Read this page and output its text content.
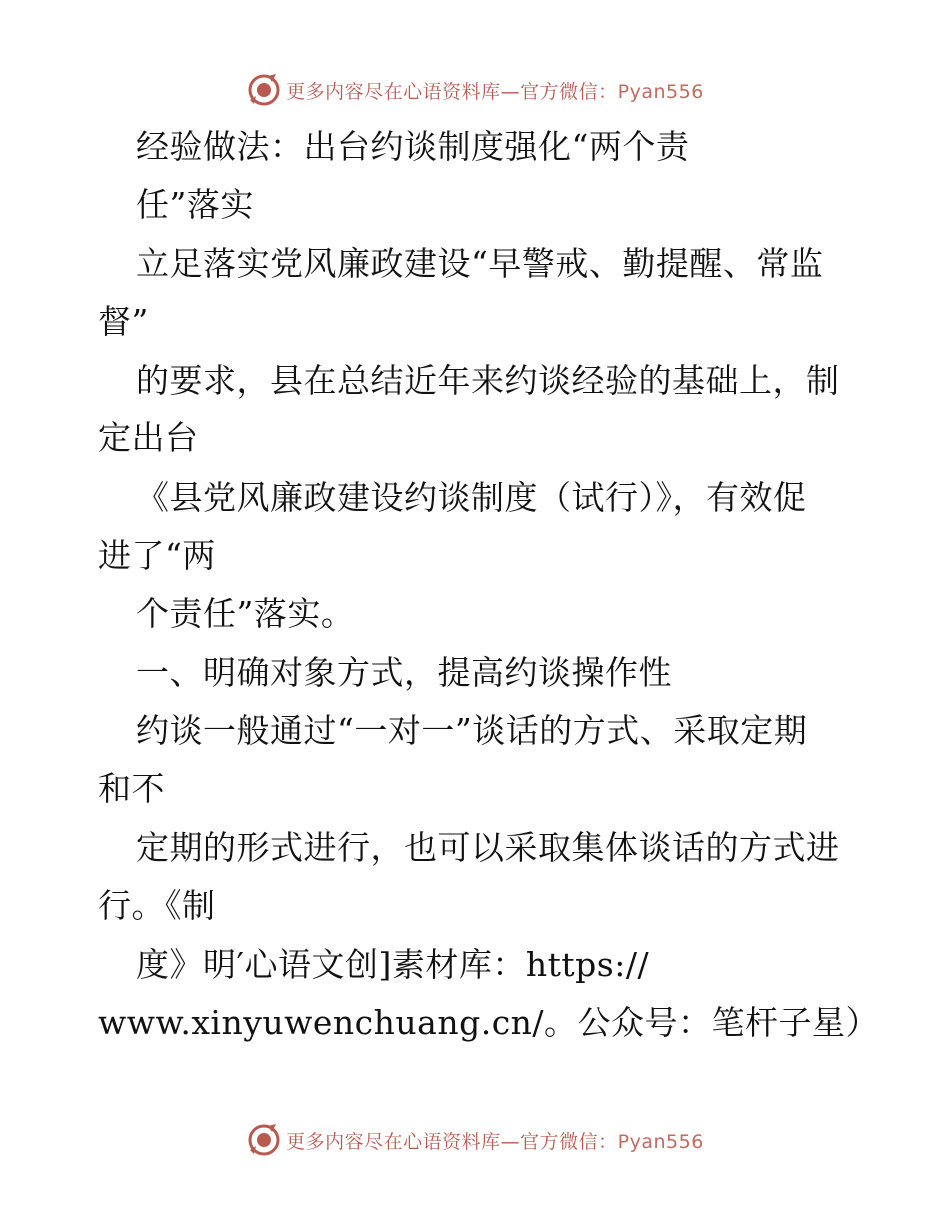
更多内容尽在心语资料库—官方微信：Pyan556
经验做法：出台约谈制度强化“两个责
任”落实
立足落实党风廉政建设“早警戒、勤提醒、常监
督”
的要求，县在总结近年来约谈经验的基础上，制
定出台
《县党风廉政建设约谈制度（试行）》，有效促
进了“两
个责任”落实。
一、明确对象方式，提高约谈操作性
约谈一般通过“一对一”谈话的方式、采取定期
和不
定期的形式进行，也可以采取集体谈话的方式进
行。《制
度》明′心语文创]素材库：https://
www.xinyuwenchuang.cn/。公众号：笔杆子星）
更多内容尽在心语资料库—官方微信：Pyan556
